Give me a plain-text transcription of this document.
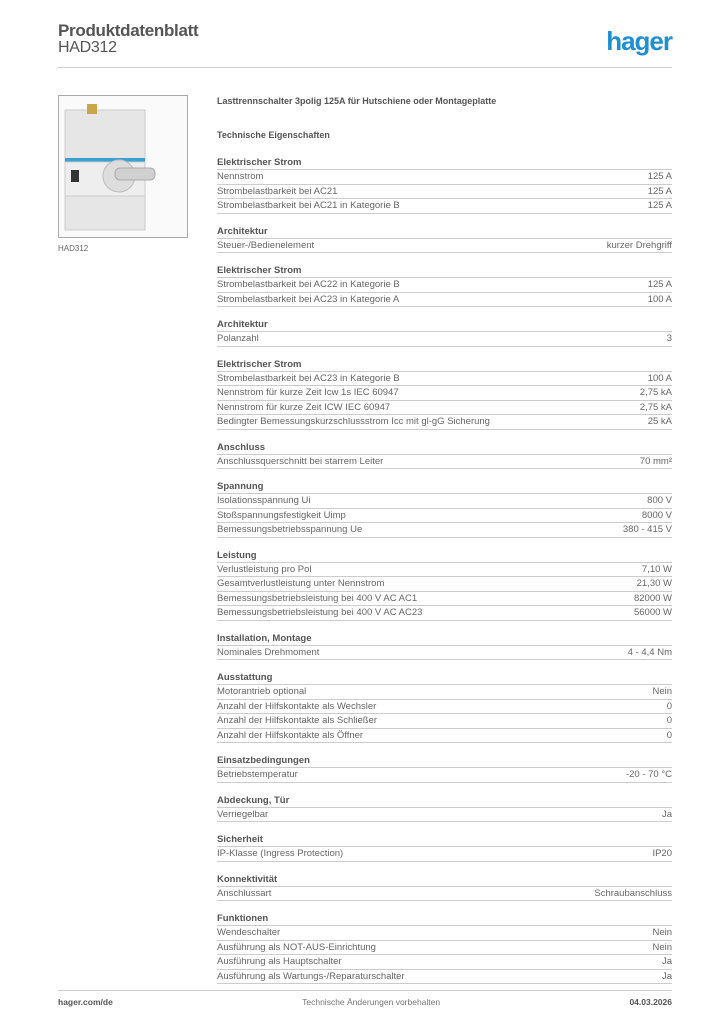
Produktdatenblatt
HAD312	hager
HAD312
Lasttrennschalter 3polig 125A für Hutschiene oder Montageplatte
Technische Eigenschaften
Elektrischer Strom
Nennstrom	125 A
Strombelastbarkeit bei AC21	125 A
Strombelastbarkeit bei AC21 in Kategorie B	125 A
Architektur
Steuer-/Bedienelement	kurzer Drehgriff
Elektrischer Strom
Strombelastbarkeit bei AC22 in Kategorie B	125 A
Strombelastbarkeit bei AC23 in Kategorie A	100 A
Architektur
Polanzahl	3
Elektrischer Strom
Strombelastbarkeit bei AC23 in Kategorie B	100 A
Nennstrom für kurze Zeit Icw 1s IEC 60947	2,75 kA
Nennstrom für kurze Zeit ICW IEC 60947	2,75 kA
Bedingter Bemessungskurzschlussstrom Icc mit gl-gG Sicherung	25 kA
Anschluss
Anschlussquerschnitt bei starrem Leiter	70 mm²
Spannung
Isolationsspannung Ui	800 V
Stoßspannungsfestigkeit Uimp	8000 V
Bemessungsbetriebsspannung Ue	380 - 415 V
Leistung
Verlustleistung pro Pol	7,10 W
Gesamtverlustleistung unter Nennstrom	21,30 W
Bemessungsbetriebsleistung bei 400 V AC AC1	82000 W
Bemessungsbetriebsleistung bei 400 V AC AC23	56000 W
Installation, Montage
Nominales Drehmoment	4 - 4,4 Nm
Ausstattung
Motorantrieb optional	Nein
Anzahl der Hilfskontakte als Wechsler	0
Anzahl der Hilfskontakte als Schließer	0
Anzahl der Hilfskontakte als Öffner	0
Einsatzbedingungen
Betriebstemperatur	-20 - 70 °C
Abdeckung, Tür
Verriegelbar	Ja
Sicherheit
IP-Klasse (Ingress Protection)	IP20
Konnektivität
Anschlussart	Schraubanschluss
Funktionen
Wendeschalter	Nein
Ausführung als NOT-AUS-Einrichtung	Nein
Ausführung als Hauptschalter	Ja
Ausführung als Wartungs-/Reparaturschalter	Ja
hager.com/de	Technische Änderungen vorbehalten	04.03.2026
